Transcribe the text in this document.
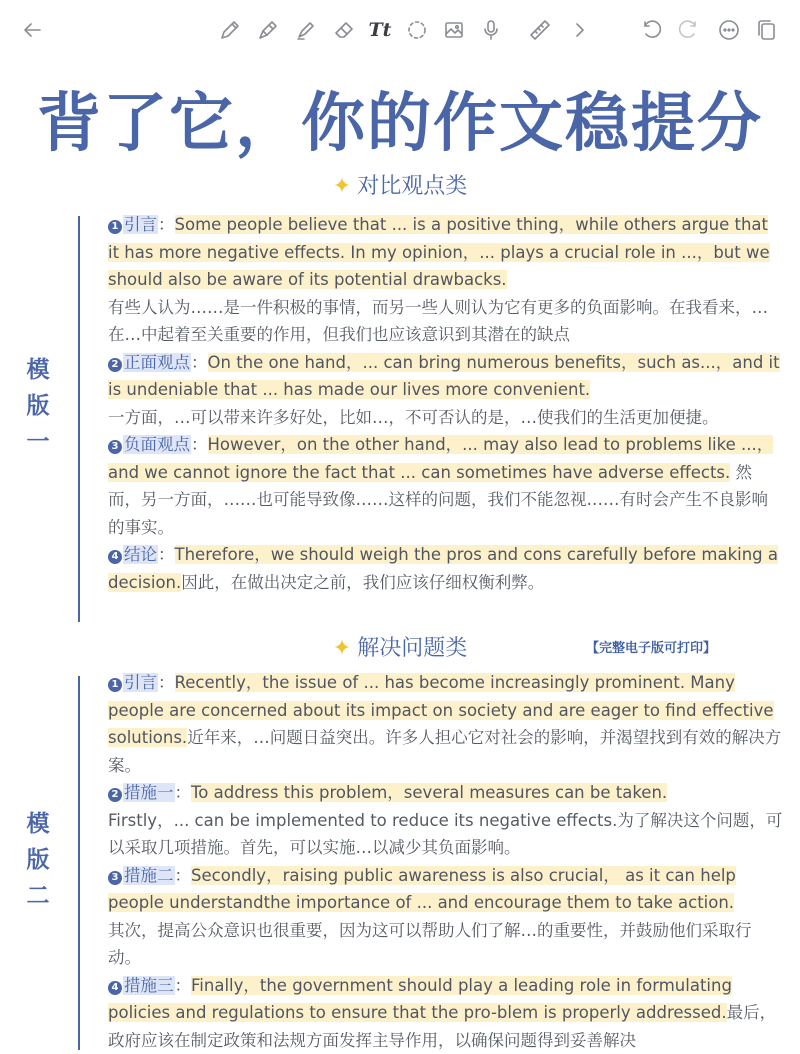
Tt
背了它，你的作文稳提分
✦ 对比观点类
模
版
一

1 引言：Some people believe that ... is a positive thing，while others argue that it has more negative effects. In my opinion，... plays a crucial role in ...，but we should also be aware of its potential drawbacks.
有些人认为……是一件积极的事情，而另一些人则认为它有更多的负面影响。在我看来，…在…中起着至关重要的作用，但我们也应该意识到其潜在的缺点

2 正面观点：On the one hand，... can bring numerous benefits，such as...，and it is undeniable that ... has made our lives more convenient.
一方面，…可以带来许多好处，比如…，不可否认的是，…使我们的生活更加便捷。

3 负面观点：However，on the other hand，... may also lead to problems like ...，and we cannot ignore the fact that ... can sometimes have adverse effects. 然而，另一方面，……也可能导致像……这样的问题，我们不能忽视……有时会产生不良影响的事实。

4 结论：Therefore，we should weigh the pros and cons carefully before making a decision.因此，在做出决定之前，我们应该仔细权衡利弊。

✦ 解决问题类	【完整电子版可打印】
模
版
二

1 引言：Recently，the issue of ... has become increasingly prominent. Many people are concerned about its impact on society and are eager to find effective solutions.近年来，…问题日益突出。许多人担心它对社会的影响，并渴望找到有效的解决方案。

2 措施一：To address this problem，several measures can be taken.
Firstly，... can be implemented to reduce its negative effects.为了解决这个问题，可以采取几项措施。首先，可以实施…以减少其负面影响。

3 措施二：Secondly，raising public awareness is also crucial， as it can help people understandthe importance of ... and encourage them to take action.
其次，提高公众意识也很重要，因为这可以帮助人们了解…的重要性，并鼓励他们采取行动。

4 措施三：Finally，the government should play a leading role in formulating policies and regulations to ensure that the pro-blem is properly addressed.最后，政府应该在制定政策和法规方面发挥主导作用，以确保问题得到妥善解决
